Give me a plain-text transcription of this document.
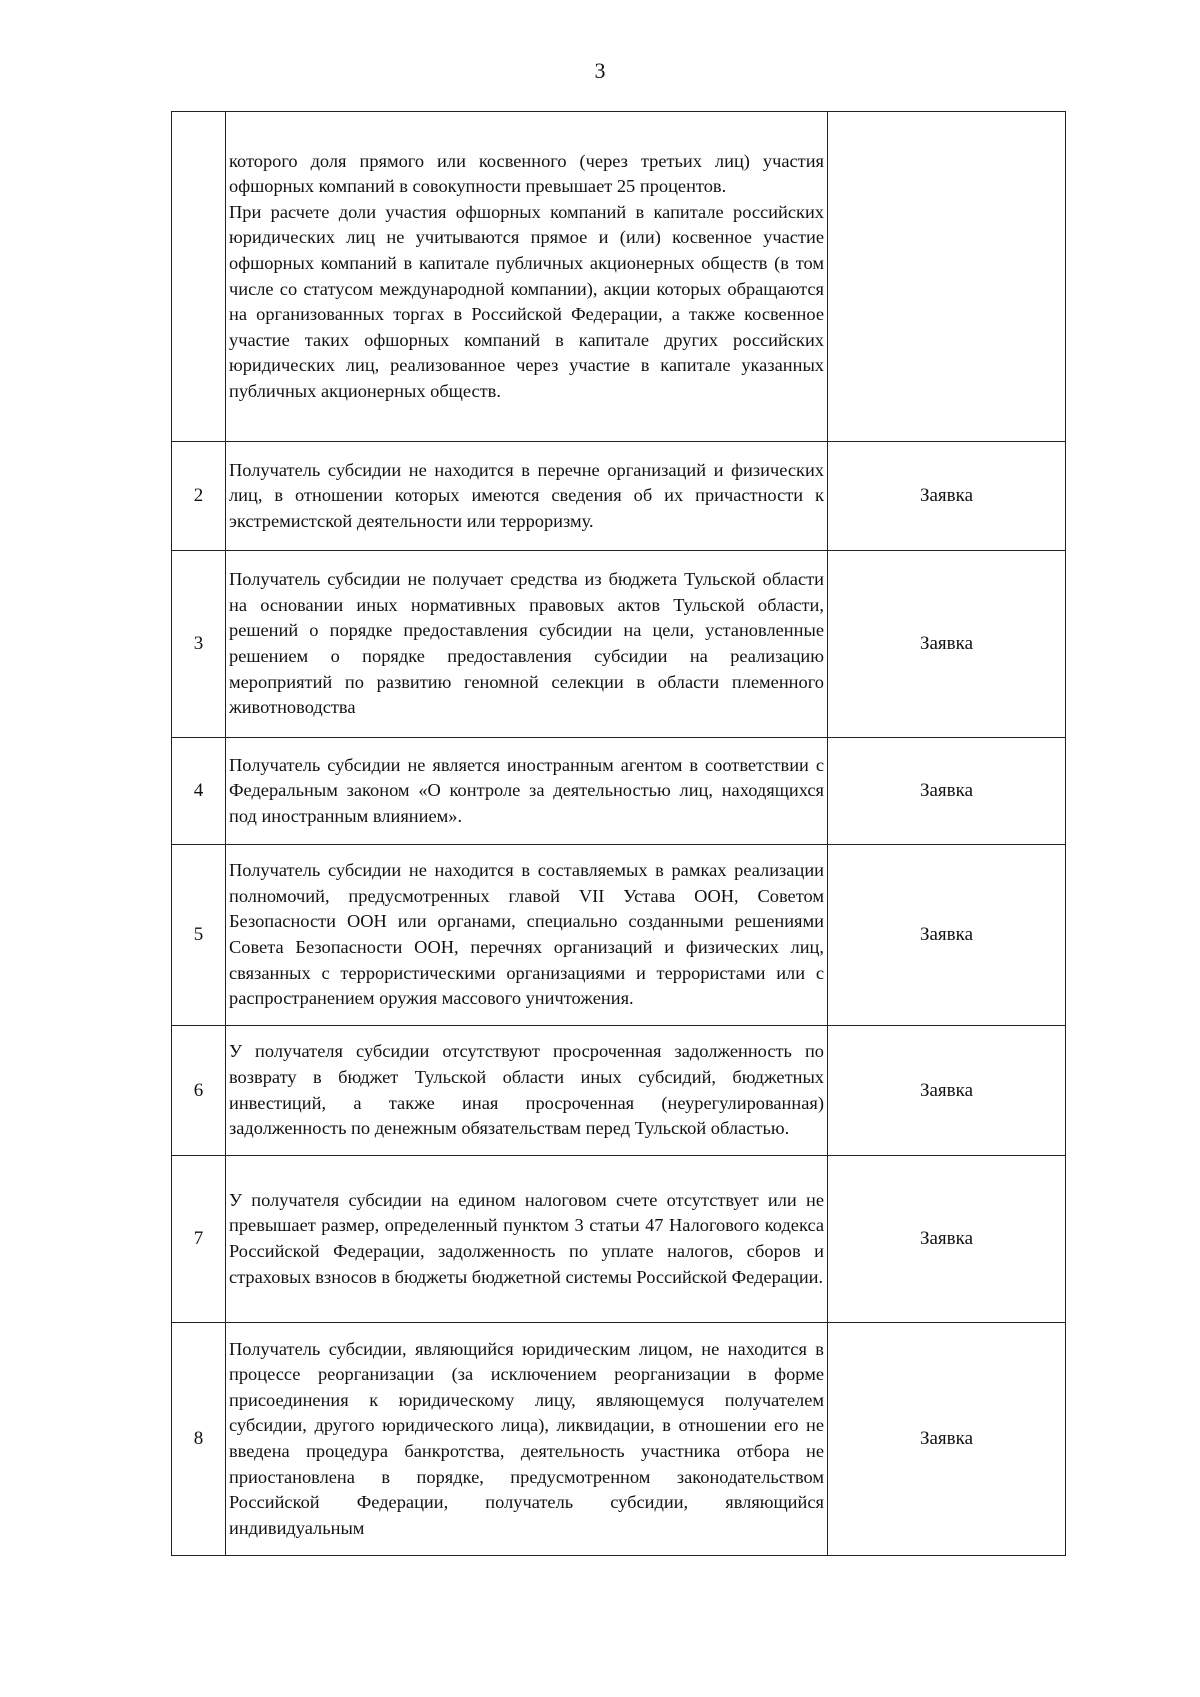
3

	которого доля прямого или косвенного (через третьих лиц) участия офшорных компаний в совокупности превышает 25 процентов.

При расчете доли участия офшорных компаний в капитале российских юридических лиц не учитываются прямое и (или) косвенное участие офшорных компаний в капитале публичных акционерных обществ (в том числе со статусом международной компании), акции которых обращаются на организованных торгах в Российской Федерации, а также косвенное участие таких офшорных компаний в капитале других российских юридических лиц, реализованное через участие в капитале указанных публичных акционерных обществ.	

2	Получатель субсидии не находится в перечне организаций и физических лиц, в отношении которых имеются сведения об их причастности к экстремистской деятельности или терроризму.	Заявка
3	Получатель субсидии не получает средства из бюджета Тульской области на основании иных нормативных правовых актов Тульской области, решений о порядке предоставления субсидии на цели, установленные решением о порядке предоставления субсидии на реализацию мероприятий по развитию геномной селекции в области племенного животноводства	Заявка
4	Получатель субсидии не является иностранным агентом в соответствии с Федеральным законом «О контроле за деятельностью лиц, находящихся под иностранным влиянием».	Заявка
5	Получатель субсидии не находится в составляемых в рамках реализации полномочий, предусмотренных главой VII Устава ООН, Советом Безопасности ООН или органами, специально созданными решениями Совета Безопасности ООН, перечнях организаций и физических лиц, связанных с террористическими организациями и террористами или с распространением оружия массового уничтожения.	Заявка
6	У получателя субсидии отсутствуют просроченная задолженность по возврату в бюджет Тульской области иных субсидий, бюджетных инвестиций, а также иная просроченная (неурегулированная) задолженность по денежным обязательствам перед Тульской областью.	Заявка
7	У получателя субсидии на едином налоговом счете отсутствует или не превышает размер, определенный пунктом 3 статьи 47 Налогового кодекса Российской Федерации, задолженность по уплате налогов, сборов и страховых взносов в бюджеты бюджетной системы Российской Федерации.	Заявка
8	Получатель субсидии, являющийся юридическим лицом, не находится в процессе реорганизации (за исключением реорганизации в форме присоединения к юридическому лицу, являющемуся получателем субсидии, другого юридического лица), ликвидации, в отношении его не введена процедура банкротства, деятельность участника отбора не приостановлена в порядке, предусмотренном законодательством Российской Федерации, получатель субсидии, являющийся индивидуальным	Заявка
